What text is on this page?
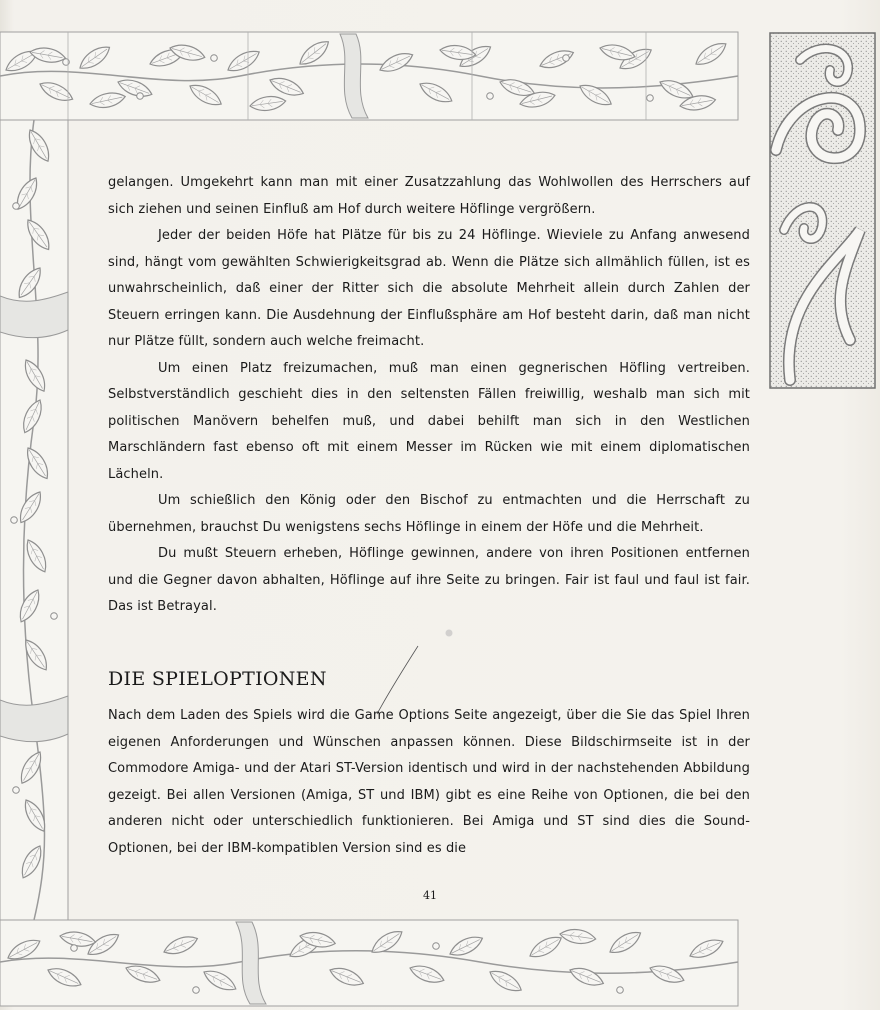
gelangen. Umgekehrt kann man mit einer Zusatzzahlung das Wohlwollen des Herrschers auf sich ziehen und seinen Einfluß am Hof durch weitere Höflinge vergrößern.

Jeder der beiden Höfe hat Plätze für bis zu 24 Höflinge. Wieviele zu Anfang anwesend sind, hängt vom gewählten Schwierigkeitsgrad ab. Wenn die Plätze sich allmählich füllen, ist es unwahrscheinlich, daß einer der Ritter sich die absolute Mehrheit allein durch Zahlen der Steuern erringen kann. Die Ausdehnung der Einflußsphäre am Hof besteht darin, daß man nicht nur Plätze füllt, sondern auch welche freimacht.

Um einen Platz freizumachen, muß man einen gegnerischen Höfling vertreiben. Selbstverständlich geschieht dies in den seltensten Fällen freiwillig, weshalb man sich mit politischen Manövern behelfen muß, und dabei behilft man sich in den Westlichen Marschländern fast ebenso oft mit einem Messer im Rücken wie mit einem diplomatischen Lächeln.

Um schießlich den König oder den Bischof zu entmachten und die Herrschaft zu übernehmen, brauchst Du wenigstens sechs Höflinge in einem der Höfe und die Mehrheit.

Du mußt Steuern erheben, Höflinge gewinnen, andere von ihren Positionen entfernen und die Gegner davon abhalten, Höflinge auf ihre Seite zu bringen. Fair ist faul und faul ist fair. Das ist Betrayal.

DIE SPIELOPTIONEN

Nach dem Laden des Spiels wird die Game Options Seite angezeigt, über die Sie das Spiel Ihren eigenen Anforderungen und Wünschen anpassen können. Diese Bildschirmseite ist in der Commodore Amiga- und der Atari ST-Version identisch und wird in der nachstehenden Abbildung gezeigt. Bei allen Versionen (Amiga, ST und IBM) gibt es eine Reihe von Optionen, die bei den anderen nicht oder unterschiedlich funktionieren. Bei Amiga und ST sind dies die Sound-Optionen, bei der IBM-kompatiblen Version sind es die

41
